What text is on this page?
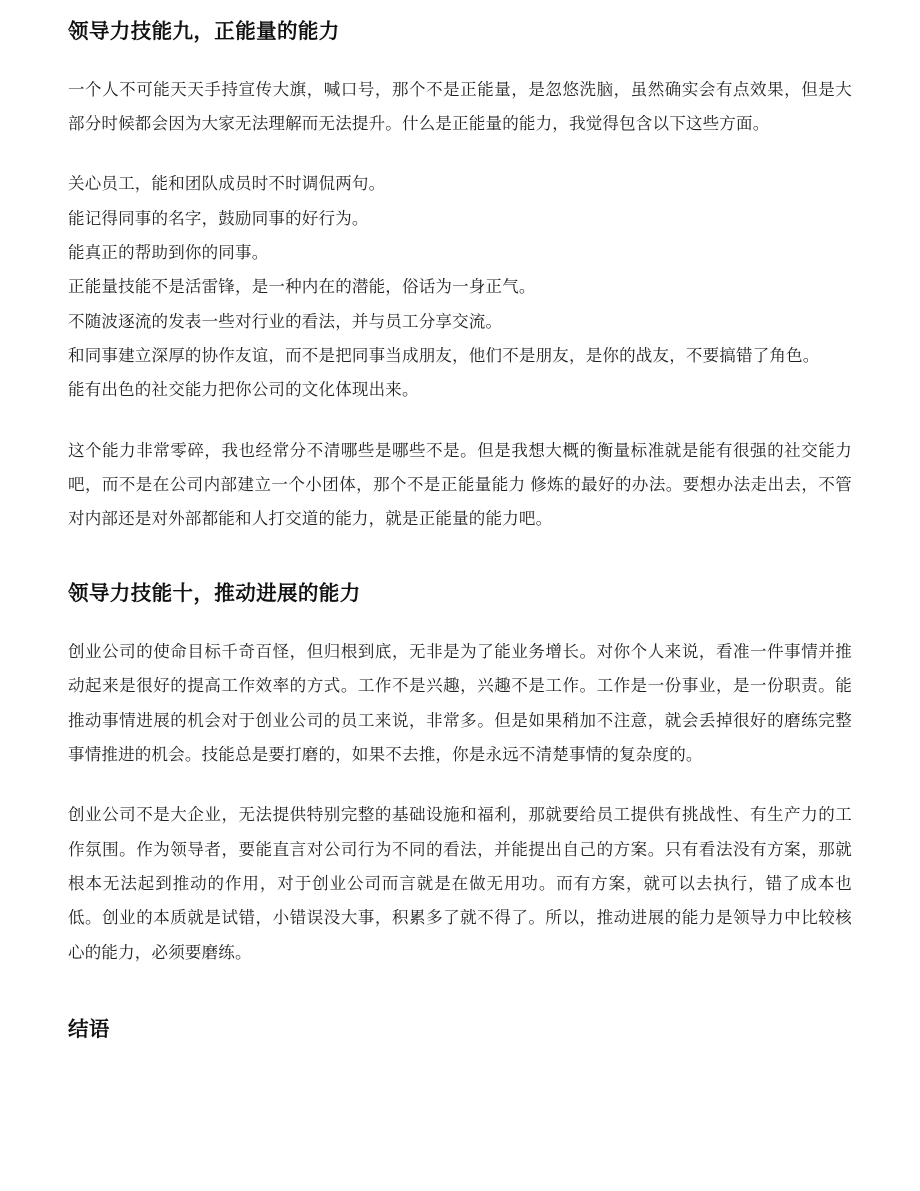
领导力技能九，正能量的能力

一个人不可能天天手持宣传大旗，喊口号，那个不是正能量，是忽悠洗脑，虽然确实会有点效果，但是大部分时候都会因为大家无法理解而无法提升。什么是正能量的能力，我觉得包含以下这些方面。

关心员工，能和团队成员时不时调侃两句。
能记得同事的名字，鼓励同事的好行为。
能真正的帮助到你的同事。
正能量技能不是活雷锋，是一种内在的潜能，俗话为一身正气。
不随波逐流的发表一些对行业的看法，并与员工分享交流。
和同事建立深厚的协作友谊，而不是把同事当成朋友，他们不是朋友，是你的战友，不要搞错了角色。
能有出色的社交能力把你公司的文化体现出来。

这个能力非常零碎，我也经常分不清哪些是哪些不是。但是我想大概的衡量标准就是能有很强的社交能力吧，而不是在公司内部建立一个小团体，那个不是正能量能力 修炼的最好的办法。要想办法走出去，不管对内部还是对外部都能和人打交道的能力，就是正能量的能力吧。

领导力技能十，推动进展的能力

创业公司的使命目标千奇百怪，但归根到底，无非是为了能业务增长。对你个人来说，看准一件事情并推动起来是很好的提高工作效率的方式。工作不是兴趣，兴趣不是工作。工作是一份事业，是一份职责。能推动事情进展的机会对于创业公司的员工来说，非常多。但是如果稍加不注意，就会丢掉很好的磨练完整事情推进的机会。技能总是要打磨的，如果不去推，你是永远不清楚事情的复杂度的。

创业公司不是大企业，无法提供特别完整的基础设施和福利，那就要给员工提供有挑战性、有生产力的工作氛围。作为领导者，要能直言对公司行为不同的看法，并能提出自己的方案。只有看法没有方案，那就根本无法起到推动的作用，对于创业公司而言就是在做无用功。而有方案，就可以去执行，错了成本也低。创业的本质就是试错，小错误没大事，积累多了就不得了。所以，推动进展的能力是领导力中比较核心的能力，必须要磨练。

结语
